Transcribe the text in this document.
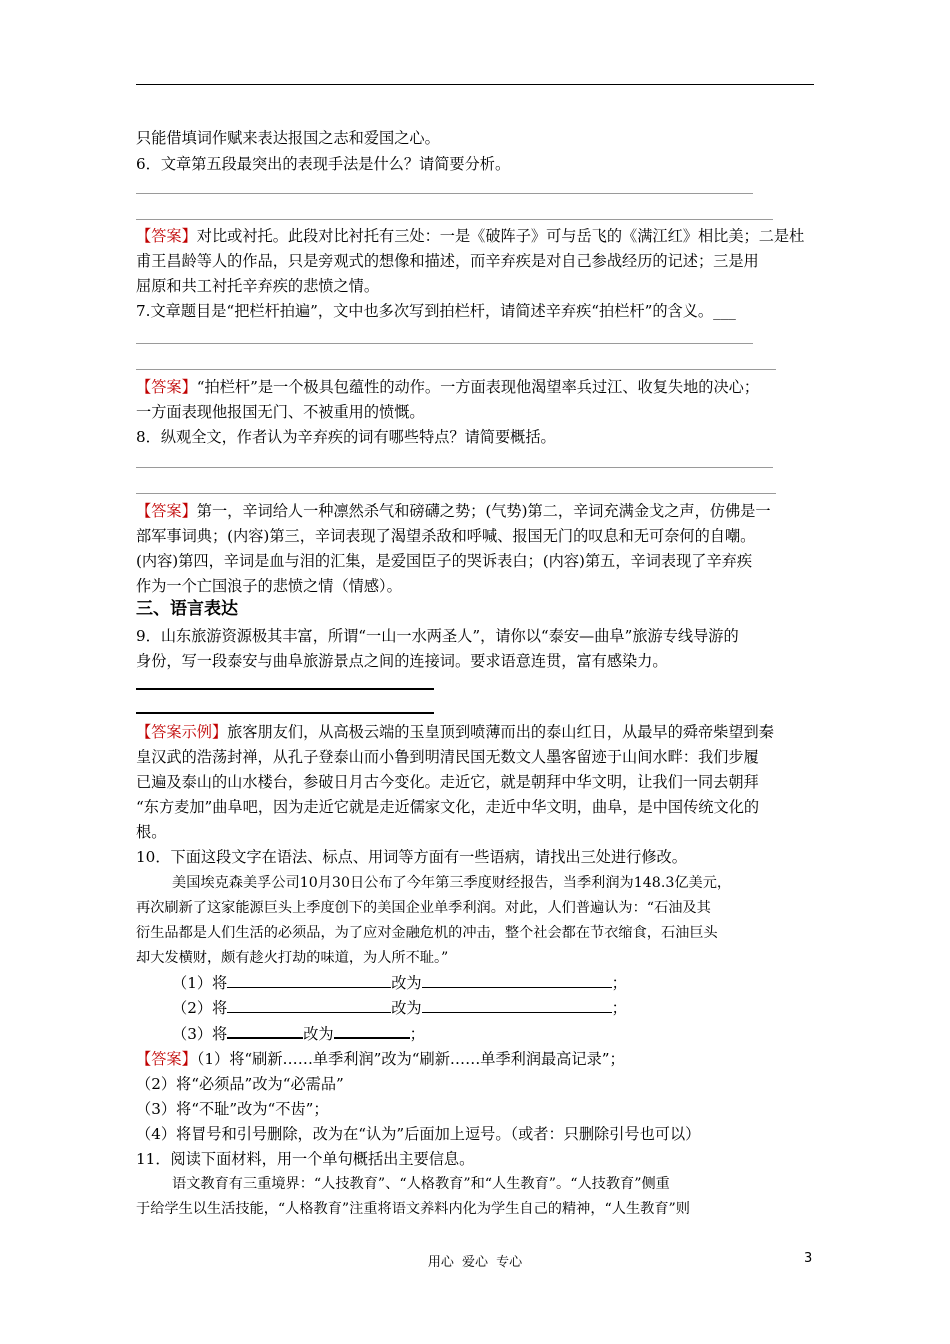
只能借填词作赋来表达报国之志和爱国之心。
6．文章第五段最突出的表现手法是什么？请简要分析。
【答案】对比或衬托。此段对比衬托有三处：一是《破阵子》可与岳飞的《满江红》相比美；二是杜
甫王昌龄等人的作品，只是旁观式的想像和描述，而辛弃疾是对自己参战经历的记述；三是用
屈原和共工衬托辛弃疾的悲愤之情。
7.文章题目是“把栏杆拍遍”，文中也多次写到拍栏杆，请简述辛弃疾“拍栏杆”的含义。___
【答案】“拍栏杆”是一个极具包蕴性的动作。一方面表现他渴望率兵过江、收复失地的决心；
一方面表现他报国无门、不被重用的愤慨。
8．纵观全文，作者认为辛弃疾的词有哪些特点？请简要概括。
【答案】第一，辛词给人一种凛然杀气和磅礴之势；(气势)第二，辛词充满金戈之声，仿佛是一
部军事词典；(内容)第三，辛词表现了渴望杀敌和呼喊、报国无门的叹息和无可奈何的自嘲。
(内容)第四，辛词是血与泪的汇集，是爱国臣子的哭诉表白；(内容)第五，辛词表现了辛弃疾
作为一个亡国浪子的悲愤之情（情感）。
三、语言表达
9．山东旅游资源极其丰富，所谓“一山一水两圣人”，请你以“泰安—曲阜”旅游专线导游的
身份，写一段泰安与曲阜旅游景点之间的连接词。要求语意连贯，富有感染力。
【答案示例】旅客朋友们，从高极云端的玉皇顶到喷薄而出的泰山红日，从最早的舜帝柴望到秦
皇汉武的浩荡封禅，从孔子登泰山而小鲁到明清民国无数文人墨客留迹于山间水畔：我们步履
已遍及泰山的山水楼台，参破日月古今变化。走近它，就是朝拜中华文明，让我们一同去朝拜
“东方麦加”曲阜吧，因为走近它就是走近儒家文化，走近中华文明，曲阜，是中国传统文化的
根。
10．下面这段文字在语法、标点、用词等方面有一些语病，请找出三处进行修改。
美国埃克森美孚公司10月30日公布了今年第三季度财经报告，当季利润为148.3亿美元，
再次刷新了这家能源巨头上季度创下的美国企业单季利润。对此，人们普遍认为：“石油及其
衍生品都是人们生活的必须品，为了应对金融危机的冲击，整个社会都在节衣缩食，石油巨头
却大发横财，颇有趁火打劫的味道，为人所不耻。”
（1）将	改为	；
（2）将	改为	；
（3）将	改为	；
【答案】（1）将“刷新……单季利润”改为“刷新……单季利润最高记录”；
（2）将“必须品”改为“必需品”
（3）将“不耻”改为“不齿”；
（4）将冒号和引号删除，改为在“认为”后面加上逗号。（或者：只删除引号也可以）
11．阅读下面材料，用一个单句概括出主要信息。
语文教育有三重境界：“人技教育”、“人格教育”和“人生教育”。“人技教育”侧重
于给学生以生活技能，“人格教育”注重将语文养料内化为学生自己的精神，“人生教育”则
用心 爱心 专心	3
